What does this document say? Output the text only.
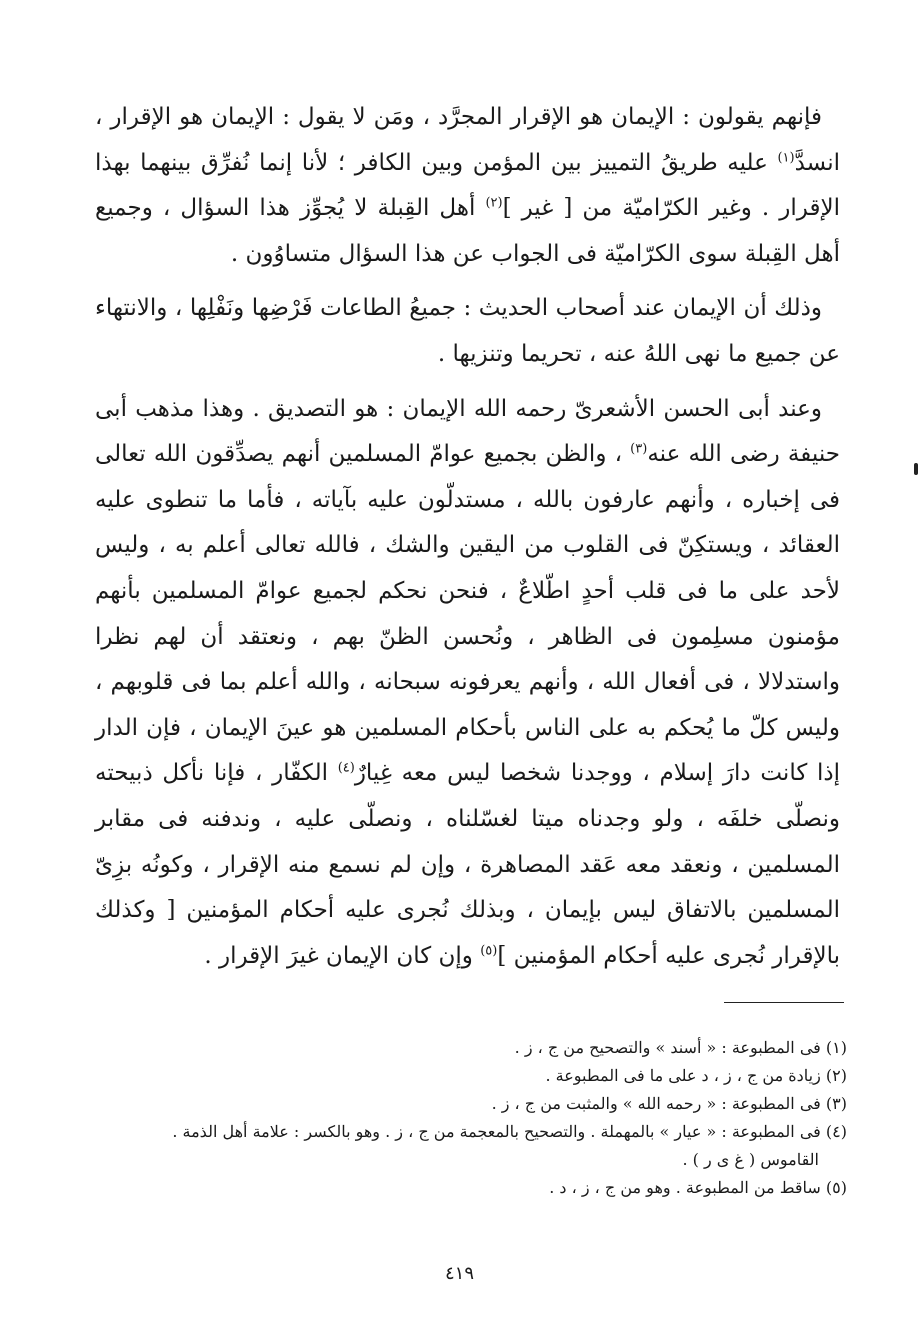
فإنهم يقولون : الإيمان هو الإقرار المجرَّد ، ومَن لا يقول : الإيمان هو الإقرار ، انسدَّ$^{(١)}$ عليه طريقُ التمييز بين المؤمن وبين الكافر ؛ لأنا إنما نُفرِّق بينهما بهذا الإقرار . وغير الكرّاميّة من [ غير ]$^{(٢)}$ أهل القِبلة لا يُجوِّز هذا السؤال ، وجميع أهل القِبلة سوى الكرّاميّة فى الجواب عن هذا السؤال متساوُون .

وذلك أن الإيمان عند أصحاب الحديث : جميعُ الطاعات فَرْضِها ونَفْلِها ، والانتهاء عن جميع ما نهى اللهُ عنه ، تحريما وتنزيها .

وعند أبى الحسن الأشعرىّ رحمه الله الإيمان : هو التصديق . وهذا مذهب أبى حنيفة رضى الله عنه$^{(٣)}$ ، والظن بجميع عوامّ المسلمين أنهم يصدِّقون الله تعالى فى إخباره ، وأنهم عارفون بالله ، مستدلّون عليه بآياته ، فأما ما تنطوى عليه العقائد ، ويستكِنّ فى القلوب من اليقين والشك ، فالله تعالى أعلم به ، وليس لأحد على ما فى قلب أحدٍ اطّلاعٌ ، فنحن نحكم لجميع عوامّ المسلمين بأنهم مؤمنون مسلِمون فى الظاهر ، ونُحسن الظنّ بهم ، ونعتقد أن لهم نظرا واستدلالا ، فى أفعال الله ، وأنهم يعرفونه سبحانه ، والله أعلم بما فى قلوبهم ، وليس كلّ ما يُحكم به على الناس بأحكام المسلمين هو عينَ الإيمان ، فإن الدار إذا كانت دارَ إسلام ، ووجدنا شخصا ليس معه غِيارٌ$^{(٤)}$ الكفّار ، فإنا نأكل ذبيحته ونصلّى خلفَه ، ولو وجدناه ميتا لغسّلناه ، ونصلّى عليه ، وندفنه فى مقابر المسلمين ، ونعقد معه عَقد المصاهرة ، وإن لم نسمع منه الإقرار ، وكونُه بزِىّ المسلمين بالاتفاق ليس بإيمان ، وبذلك نُجرى عليه أحكام المؤمنين [ وكذلك بالإقرار نُجرى عليه أحكام المؤمنين ]$^{(٥)}$ وإن كان الإيمان غيرَ الإقرار .

(١) فى المطبوعة : « أسند » والتصحيح من ج ، ز .

(٢) زيادة من ج ، ز ، د على ما فى المطبوعة .

(٣) فى المطبوعة : « رحمه الله » والمثبت من ج ، ز .

(٤) فى المطبوعة : « عيار » بالمهملة . والتصحيح بالمعجمة من ج ، ز . وهو بالكسر : علامة أهل الذمة .

القاموس ( غ ى ر ) .

(٥) ساقط من المطبوعة . وهو من ج ، ز ، د .

٤١٩
